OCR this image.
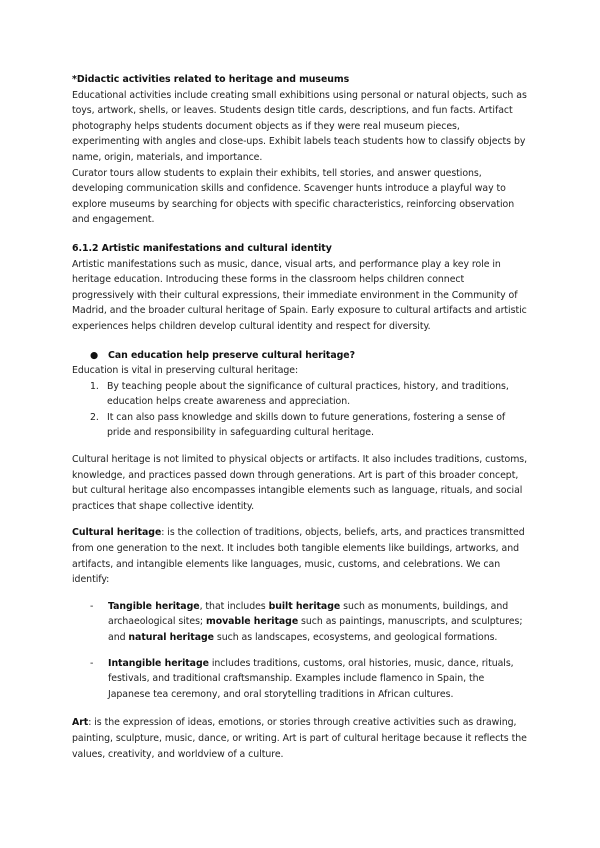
*Didactic activities related to heritage and museums

Educational activities include creating small exhibitions using personal or natural objects, such as toys, artwork, shells, or leaves. Students design title cards, descriptions, and fun facts. Artifact photography helps students document objects as if they were real museum pieces, experimenting with angles and close-ups. Exhibit labels teach students how to classify objects by name, origin, materials, and importance.

Curator tours allow students to explain their exhibits, tell stories, and answer questions, developing communication skills and confidence. Scavenger hunts introduce a playful way to explore museums by searching for objects with specific characteristics, reinforcing observation and engagement.

6.1.2 Artistic manifestations and cultural identity

Artistic manifestations such as music, dance, visual arts, and performance play a key role in heritage education. Introducing these forms in the classroom helps children connect progressively with their cultural expressions, their immediate environment in the Community of Madrid, and the broader cultural heritage of Spain. Early exposure to cultural artifacts and artistic experiences helps children develop cultural identity and respect for diversity.

● Can education help preserve cultural heritage?

Education is vital in preserving cultural heritage:

1. By teaching people about the significance of cultural practices, history, and traditions, education helps create awareness and appreciation.
2. It can also pass knowledge and skills down to future generations, fostering a sense of pride and responsibility in safeguarding cultural heritage.

Cultural heritage is not limited to physical objects or artifacts. It also includes traditions, customs, knowledge, and practices passed down through generations. Art is part of this broader concept, but cultural heritage also encompasses intangible elements such as language, rituals, and social practices that shape collective identity.

Cultural heritage: is the collection of traditions, objects, beliefs, arts, and practices transmitted from one generation to the next. It includes both tangible elements like buildings, artworks, and artifacts, and intangible elements like languages, music, customs, and celebrations. We can identify:

- Tangible heritage, that includes built heritage such as monuments, buildings, and archaeological sites; movable heritage such as paintings, manuscripts, and sculptures; and natural heritage such as landscapes, ecosystems, and geological formations.
- Intangible heritage includes traditions, customs, oral histories, music, dance, rituals, festivals, and traditional craftsmanship. Examples include flamenco in Spain, the Japanese tea ceremony, and oral storytelling traditions in African cultures.

Art: is the expression of ideas, emotions, or stories through creative activities such as drawing, painting, sculpture, music, dance, or writing. Art is part of cultural heritage because it reflects the values, creativity, and worldview of a culture.
